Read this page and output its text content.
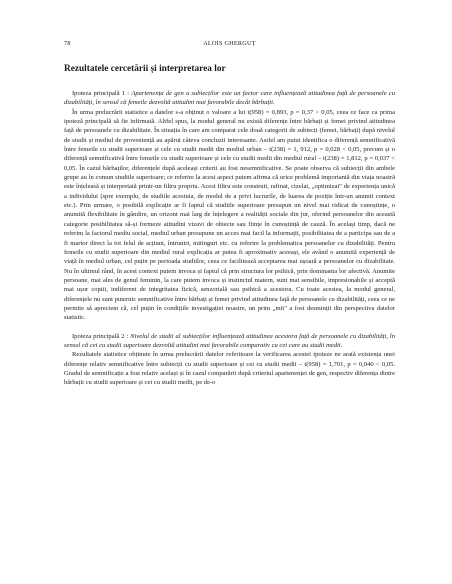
78	ALOIS GHERGUȚ
Rezultatele cercetării și interpretarea lor

Ipoteza principală 1 : Apartenența de gen a subiecților este un factor care influențează atitudinea față de persoanele cu dizabilități, în sensul că femeile dezvoltă atitudini mai favorabile decât bărbații.

În urma prelucrării statistice a datelor s-a obținut o valoare a lui t(958) = 0,893, p = 0,37 > 0,05, ceea ce face ca prima ipoteză principală să fie infirmată. Altfel spus, la modul general nu există diferențe între bărbați și femei privind atitudinea față de persoanele cu dizabilitate. În situația în care am comparat cele două categorii de subiecți (femei, bărbați) după nivelul de studii și mediul de proveniență au apărut câteva concluzii interesante. Astfel am putut identifica o diferență semnificativă între femeile cu studii superioare și cele cu studii medii din mediul urban – t(238) = 1, 912, p = 0,028 < 0,05, precum și o diferență semnificativă între femeile cu studii superioare și cele cu studii medii din mediul rural – t(238) = 1,812, p = 0,037 < 0,05. În cazul bărbaților, diferențele după aceleași criterii au fost nesemnificative. Se poate observa că subiecții din ambele grupe au în comun studiile superioare; ce referire la acest aspect putem afirma că orice problemă importantă din viața noastră este înțeleasă și interpretată printr-un filtru propriu. Acest filtru este construit, rafinat, cizelat, „optimizat" de experiența unică a individului (spre exemplu, de studiile acestuia, de modul de a privi lucrurile, de luarea de poziție într-un anumit context etc.). Prin urmare, o posibilă explicație ar fi faptul că studiile superioare presupun un nivel mai ridicat de cunoștințe, o anumită flexibilitate în gândire, un orizont mai larg de înțelegere a realității sociale din jur, oferind persoanelor din această categorie posibilitatea să-și formeze atitudini vizavi de obiecte sau ființe în cunoștință de cauză. În același timp, dacă ne referim la factorul mediu social, mediul urban presupune un acces mai facil la informații, posibilitatea de a participa sau de a fi martor direct la tot felul de acțiuni, întruniri, mitinguri etc. cu referire la problematica persoanelor cu dizabilități. Pentru femeile cu studii superioare din mediul rural explicația ar putea fi aproximativ aceeași, ele având o anumită experiență de viață în mediul urban, cel puțin pe perioada studiilor, ceea ce facilitează acceptarea mai ușoară a persoanelor cu dizabilitate. Nu în ultimul rând, în acest context putem invoca și faptul că prin structura lor psihică, prin dominanta lor afectivă. Anumite persoane, mai ales de genul feminin, la care putem invoca și instinctul matern, sunt mai sensibile, impresionabile și acceptă mai ușor copiii, indiferent de integritatea fizică, senzorială sau psihică a acestora. Cu toate acestea, la modul general, diferențele nu sunt puternic semnificative între bărbați și femei privind atitudinea față de persoanele cu dizabilități, ceea ce ne permite să apreciem că, cel puțin în condițiile investigației noastre, un prim „mit" a fost desmințit din perspectiva datelor statistic.

Ipoteza principală 2 : Nivelul de studii al subiecților influențează atitudinea acestora față de persoanele cu dizabilități, în sensul că cei cu studii superioare dezvoltă atitudini mai favorabile comparativ cu cei care au studii medii.

Rezultatele statistice obținute în urma prelucrării datelor referitoare la verificarea acestei ipoteze ne arată existența unei diferențe relativ semnificative între subiecții cu studii superioare și cei cu studii medii – t(958) = 1,701, p = 0,040 < 0,05. Gradul de semnificație a fost relativ același și în cazul comparării după criteriul apartenenței de gen, respectiv diferența dintre bărbații cu studii superioare și cei cu studii medii, pe de-o
